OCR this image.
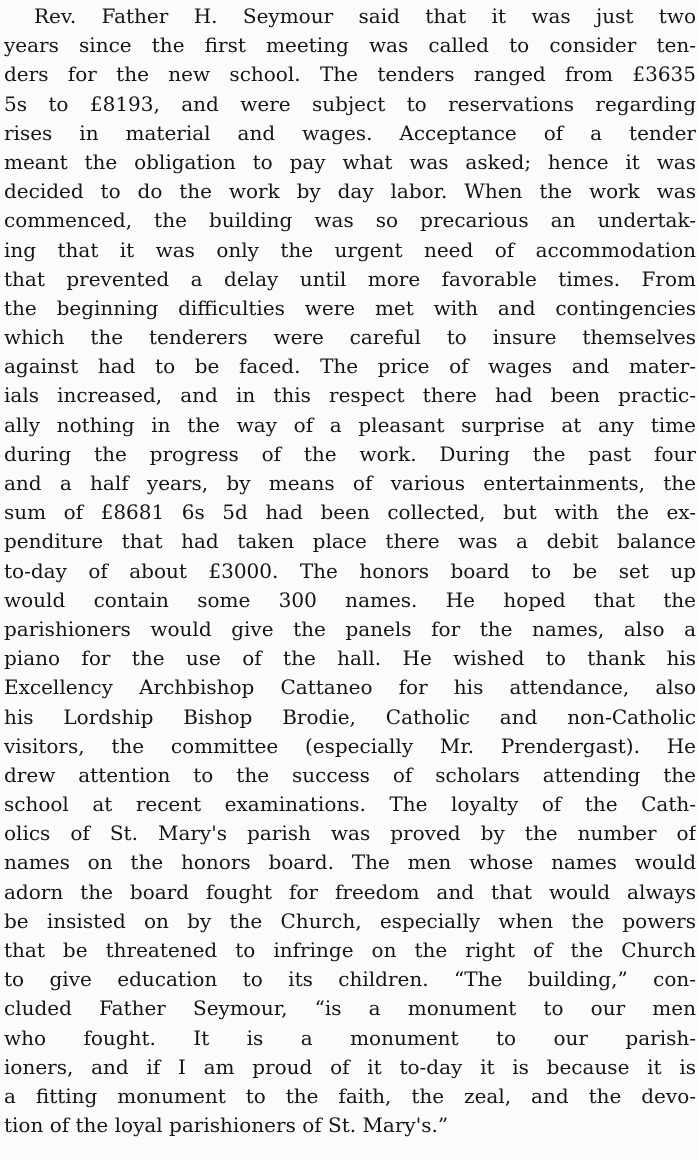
Rev. Father H. Seymour said that it was just two
years since the first meeting was called to consider ten-
ders for the new school. The tenders ranged from £3635
5s to £8193, and were subject to reservations regarding
rises in material and wages. Acceptance of a tender
meant the obligation to pay what was asked; hence it was
decided to do the work by day labor. When the work was
commenced, the building was so precarious an undertak-
ing that it was only the urgent need of accommodation
that prevented a delay until more favorable times. From
the beginning difficulties were met with and contingencies
which the tenderers were careful to insure themselves
against had to be faced. The price of wages and mater-
ials increased, and in this respect there had been practic-
ally nothing in the way of a pleasant surprise at any time
during the progress of the work. During the past four
and a half years, by means of various entertainments, the
sum of £8681 6s 5d had been collected, but with the ex-
penditure that had taken place there was a debit balance
to-day of about £3000. The honors board to be set up
would contain some 300 names. He hoped that the
parishioners would give the panels for the names, also a
piano for the use of the hall. He wished to thank his
Excellency Archbishop Cattaneo for his attendance, also
his Lordship Bishop Brodie, Catholic and non-Catholic
visitors, the committee (especially Mr. Prendergast). He
drew attention to the success of scholars attending the
school at recent examinations. The loyalty of the Cath-
olics of St. Mary's parish was proved by the number of
names on the honors board. The men whose names would
adorn the board fought for freedom and that would always
be insisted on by the Church, especially when the powers
that be threatened to infringe on the right of the Church
to give education to its children. “The building,” con-
cluded Father Seymour, “is a monument to our men
who fought. It is a monument to our parish-
ioners, and if I am proud of it to-day it is because it is
a fitting monument to the faith, the zeal, and the devo-
tion of the loyal parishioners of St. Mary's.”
